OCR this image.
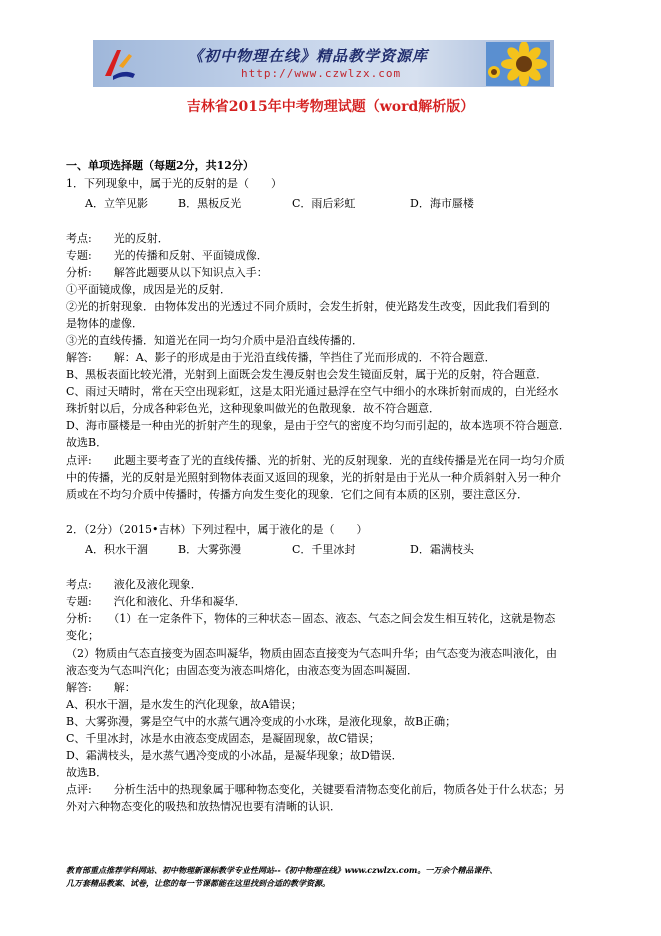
《初中物理在线》精品教学资源库
http://www.czwlzx.com
吉林省2015年中考物理试题（word解析版）
一、单项选择题（每题2分，共12分）
1．下列现象中，属于光的反射的是（　　）
A．立竿见影	B．黑板反光	C．雨后彩虹	D．海市蜃楼
考点:　　光的反射．
专题:　　光的传播和反射、平面镜成像．
分析:　　解答此题要从以下知识点入手：
①平面镜成像，成因是光的反射．
②光的折射现象．由物体发出的光透过不同介质时，会发生折射，使光路发生改变，因此我们看到的
是物体的虚像．
③光的直线传播．知道光在同一均匀介质中是沿直线传播的．
解答:　　解：A、影子的形成是由于光沿直线传播，竿挡住了光而形成的．不符合题意．
B、黑板表面比较光滑，光射到上面既会发生漫反射也会发生镜面反射，属于光的反射，符合题意．
C、雨过天晴时，常在天空出现彩虹，这是太阳光通过悬浮在空气中细小的水珠折射而成的，白光经水
珠折射以后，分成各种彩色光，这种现象叫做光的色散现象．故不符合题意．
D、海市蜃楼是一种由光的折射产生的现象，是由于空气的密度不均匀而引起的，故本选项不符合题意．
故选B．
点评:　　此题主要考查了光的直线传播、光的折射、光的反射现象．光的直线传播是光在同一均匀介质
中的传播，光的反射是光照射到物体表面又返回的现象，光的折射是由于光从一种介质斜射入另一种介
质或在不均匀介质中传播时，传播方向发生变化的现象．它们之间有本质的区别，要注意区分．
2．（2分）（2015•吉林）下列过程中，属于液化的是（　　）
A．积水干涸	B．大雾弥漫	C．千里冰封	D．霜满枝头
考点:　　液化及液化现象．
专题:　　汽化和液化、升华和凝华．
分析:　　（1）在一定条件下，物体的三种状态－固态、液态、气态之间会发生相互转化，这就是物态
变化；
（2）物质由气态直接变为固态叫凝华，物质由固态直接变为气态叫升华；由气态变为液态叫液化，由
液态变为气态叫汽化；由固态变为液态叫熔化，由液态变为固态叫凝固．
解答:　　解：
A、积水干涸，是水发生的汽化现象，故A错误；
B、大雾弥漫，雾是空气中的水蒸气遇冷变成的小水珠，是液化现象，故B正确；
C、千里冰封，冰是水由液态变成固态，是凝固现象，故C错误；
D、霜满枝头，是水蒸气遇冷变成的小冰晶，是凝华现象；故D错误．
故选B．
点评:　　分析生活中的热现象属于哪种物态变化，关键要看清物态变化前后，物质各处于什么状态；另
外对六种物态变化的吸热和放热情况也要有清晰的认识．
教育部重点推荐学科网站、初中物理新课标教学专业性网站--《初中物理在线》www.czwlzx.com。一万余个精品课件、
几万套精品教案、试卷，让您的每一节课都能在这里找到合适的教学资源。
